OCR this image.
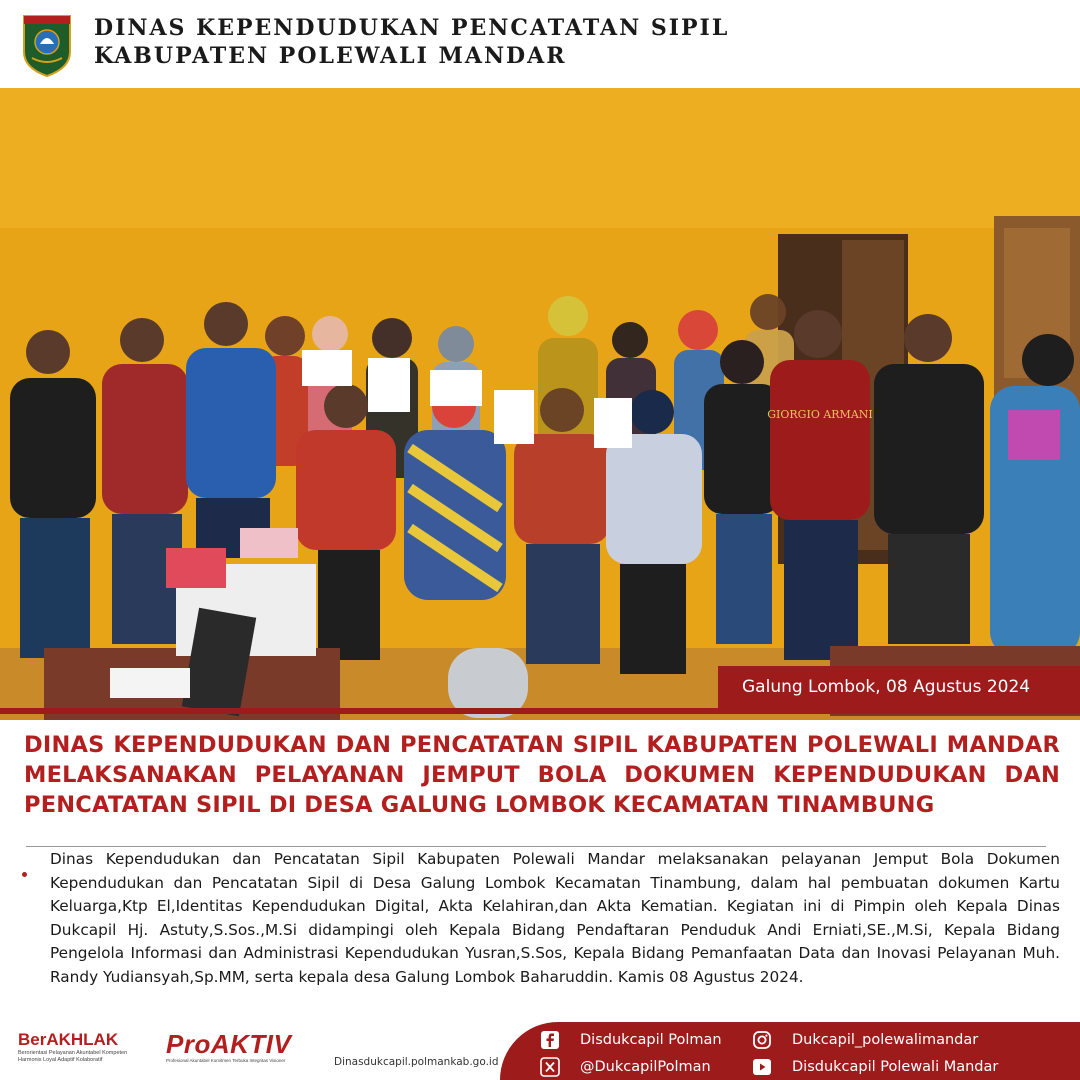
DINAS KEPENDUDUKAN PENCATATAN SIPIL
KABUPATEN POLEWALI MANDAR
GIORGIO ARMANI
Galung Lombok, 08 Agustus 2024
DINAS KEPENDUDUKAN DAN PENCATATAN SIPIL KABUPATEN POLEWALI MANDAR MELAKSANAKAN PELAYANAN JEMPUT BOLA DOKUMEN KEPENDUDUKAN DAN PENCATATAN SIPIL DI DESA GALUNG LOMBOK KECAMATAN TINAMBUNG
Dinas Kependudukan dan Pencatatan Sipil Kabupaten Polewali Mandar melaksanakan pelayanan Jemput Bola Dokumen Kependudukan dan Pencatatan Sipil di Desa Galung Lombok Kecamatan Tinambung, dalam hal pembuatan dokumen Kartu Keluarga,Ktp El,Identitas Kependudukan Digital, Akta Kelahiran,dan Akta Kematian. Kegiatan ini di Pimpin oleh Kepala Dinas Dukcapil Hj. Astuty,S.Sos.,M.Si didampingi oleh Kepala Bidang Pendaftaran Penduduk Andi Erniati,SE.,M.Si, Kepala Bidang Pengelola Informasi dan Administrasi Kependudukan Yusran,S.Sos, Kepala Bidang Pemanfaatan Data dan Inovasi Pelayanan Muh. Randy Yudiansyah,Sp.MM, serta kepala desa Galung Lombok Baharuddin. Kamis 08 Agustus 2024.
BerAKHLAK
Berorientasi Pelayanan Akuntabel Kompeten
Harmonis Loyal Adaptif Kolaboratif
ProAKTIV
Profesional Akuntabel Komitmen Terbuka Integritas Visioner	Dinasdukcapil.polmankab.go.id
Disdukcapil Polman
@DukcapilPolman
Dukcapil_polewalimandar
Disdukcapil Polewali Mandar
